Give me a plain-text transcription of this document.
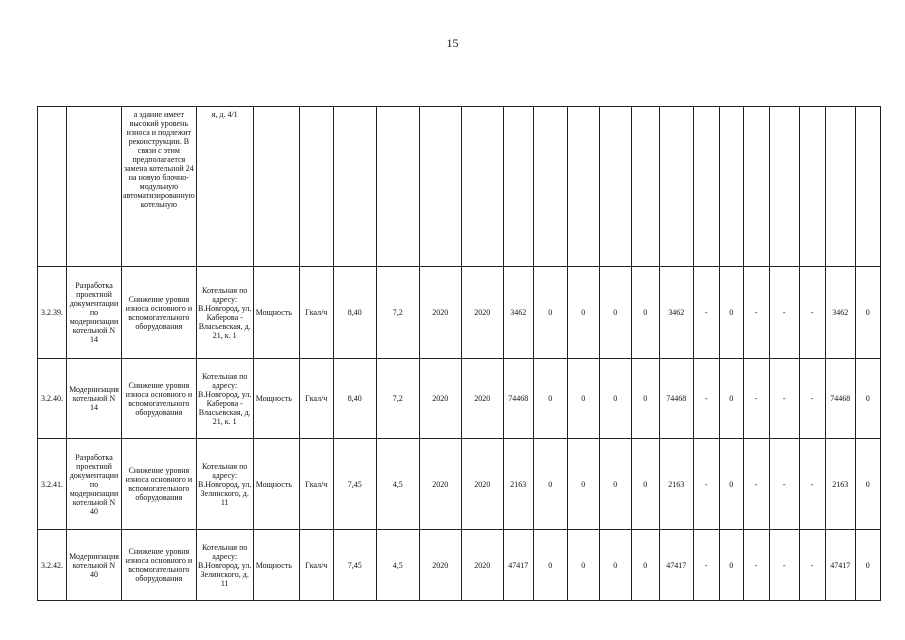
15
		а здание имеет высокий уровень износа и подлежит реконструкции. В связи с этим предполагается замена котельной 24 на новую блочно-модульную автоматизированную котельную	я, д. 4/1																			
3.2.39.	Разработка проектной документации по модернизации котельной N 14	Снижение уровня износа основного и вспомогательного оборудования	Котельная по адресу: В.Новгород, ул. Каберова - Власьевская, д. 21, к. 1	Мощность	Гкал/ч	8,40	7,2	2020	2020	3462	0	0	0	0	3462	-	0	-	-	-	3462	0
3.2.40.	Модернизация котельной N 14	Снижение уровня износа основного и вспомогательного оборудования	Котельная по адресу: В.Новгород, ул. Каберова - Власьевская, д. 21, к. 1	Мощность	Гкал/ч	8,40	7,2	2020	2020	74468	0	0	0	0	74468	-	0	-	-	-	74468	0
3.2.41.	Разработка проектной документации по модернизации котельной N 40	Снижение уровня износа основного и вспомогательного оборудования	Котельная по адресу: В.Новгород, ул. Зелинского, д. 11	Мощность	Гкал/ч	7,45	4,5	2020	2020	2163	0	0	0	0	2163	-	0	-	-	-	2163	0
3.2.42.	Модернизация котельной N 40	Снижение уровня износа основного и вспомогательного оборудования	Котельная по адресу: В.Новгород, ул. Зелинского, д. 11	Мощность	Гкал/ч	7,45	4,5	2020	2020	47417	0	0	0	0	47417	-	0	-	-	-	47417	0
